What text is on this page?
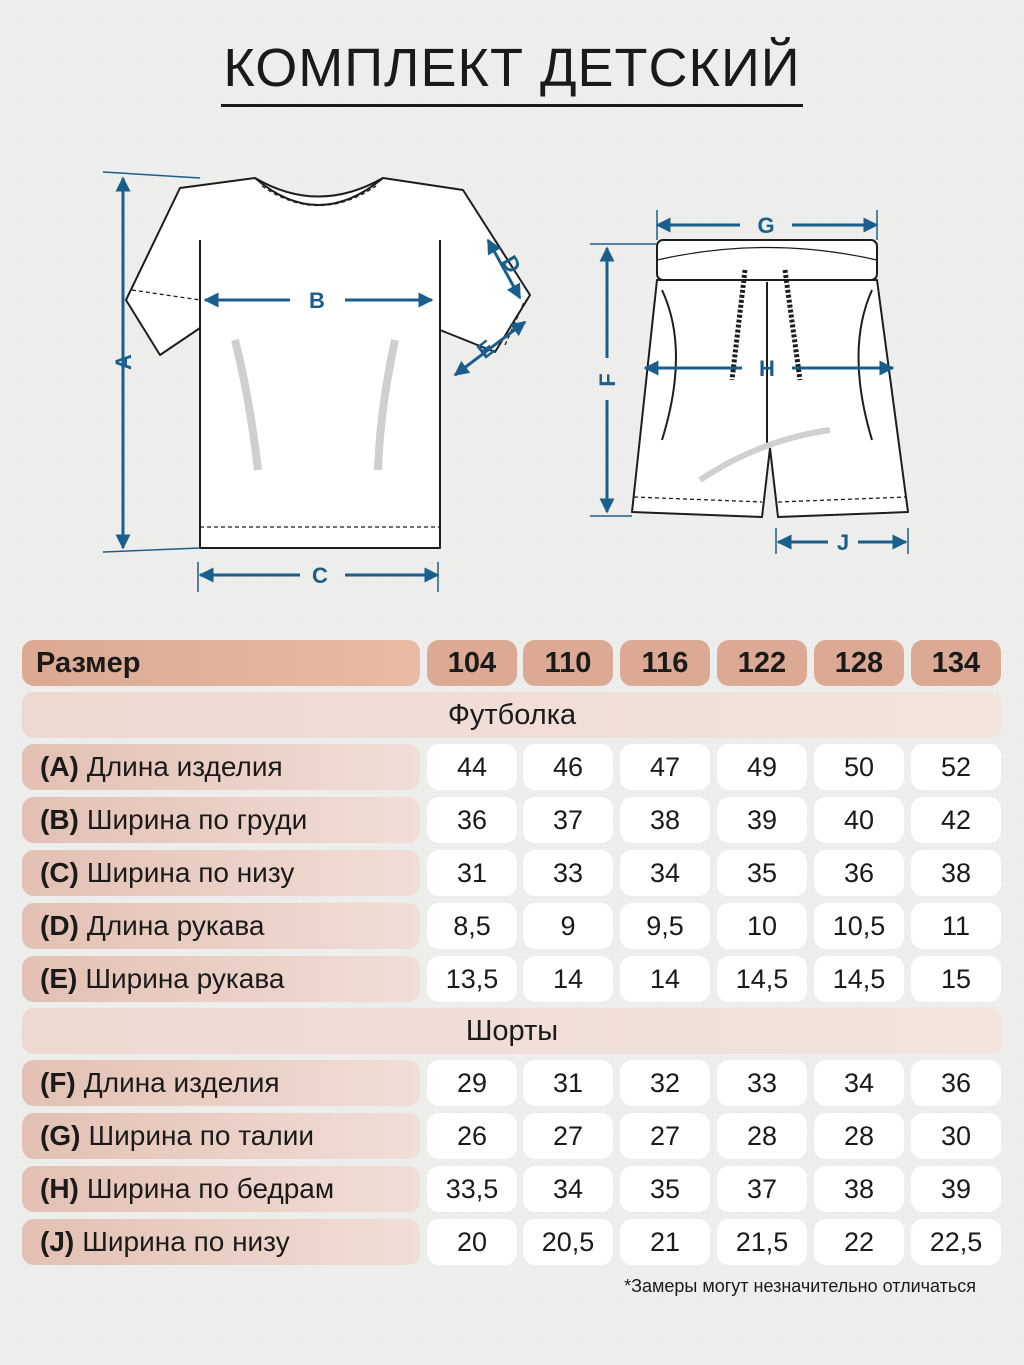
КОМПЛЕКТ ДЕТСКИЙ
A
B
C
D
E
G
F	H
J
Размер	104	110	116	122	128	134
Футболка
(A) Длина изделия	44	46	47	49	50	52
(B) Ширина по груди	36	37	38	39	40	42
(C) Ширина по низу	31	33	34	35	36	38
(D) Длина рукава	8,5	9	9,5	10	10,5	11
(E) Ширина рукава	13,5	14	14	14,5	14,5	15
Шорты
(F) Длина изделия	29	31	32	33	34	36
(G) Ширина по талии	26	27	27	28	28	30
(H) Ширина по бедрам	33,5	34	35	37	38	39
(J) Ширина по низу	20	20,5	21	21,5	22	22,5
*Замеры могут незначительно отличаться
